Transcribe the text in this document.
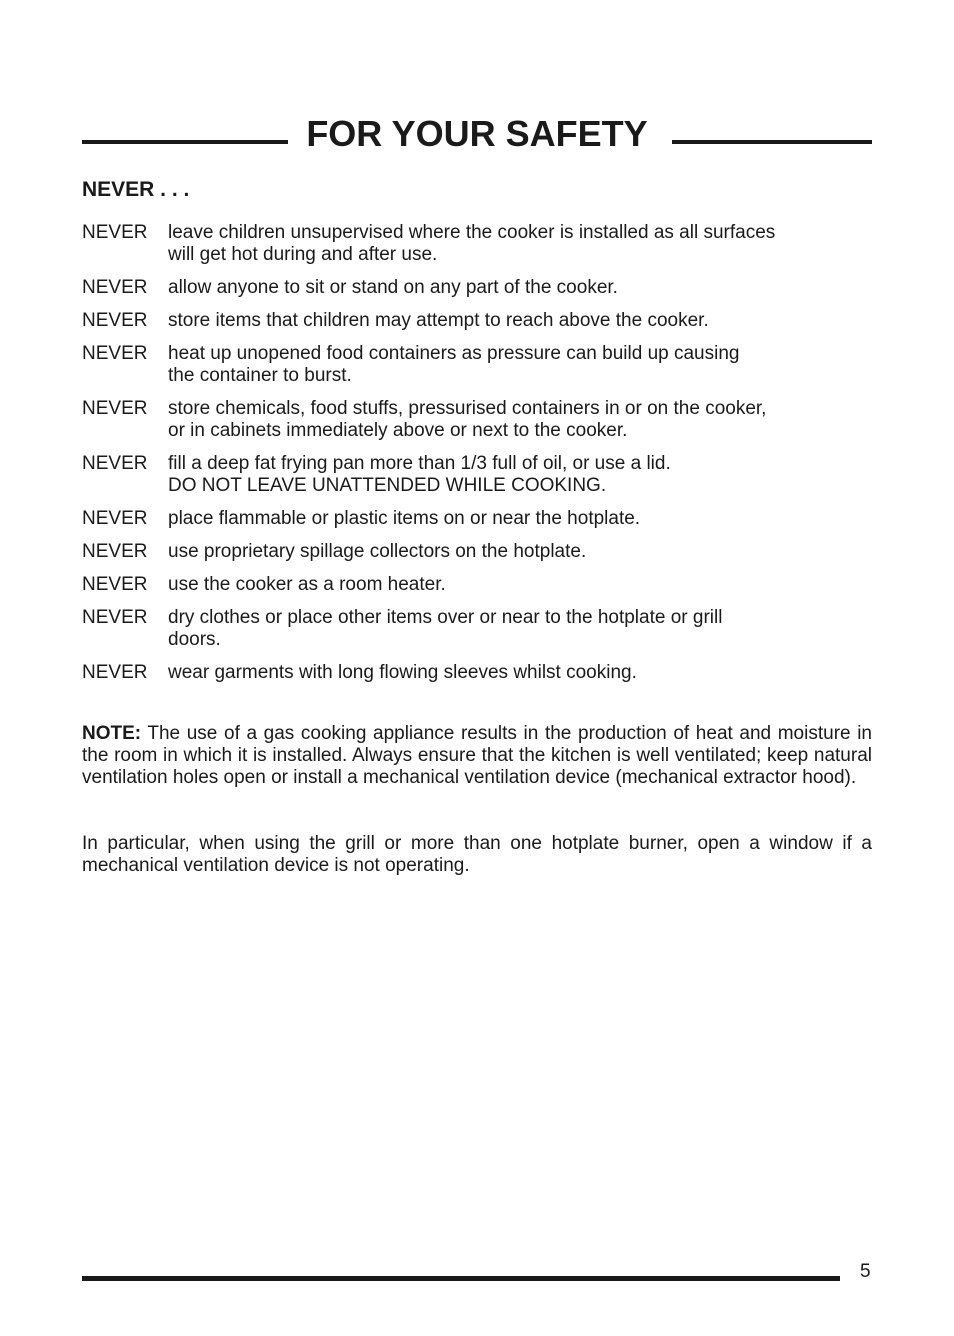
FOR YOUR SAFETY
NEVER . . .
NEVER	leave children unsupervised where the cooker is installed as all surfaces
will get hot during and after use.
NEVER	allow anyone to sit or stand on any part of the cooker.
NEVER	store items that children may attempt to reach above the cooker.
NEVER	heat up unopened food containers as pressure can build up causing
the container to burst.
NEVER	store chemicals, food stuffs, pressurised containers in or on the cooker,
or in cabinets immediately above or next to the cooker.
NEVER	fill a deep fat frying pan more than 1/3 full of oil, or use a lid.
DO NOT LEAVE UNATTENDED WHILE COOKING.
NEVER	place flammable or plastic items on or near the hotplate.
NEVER	use proprietary spillage collectors on the hotplate.
NEVER	use the cooker as a room heater.
NEVER	dry clothes or place other items over or near to the hotplate or grill
doors.
NEVER	wear garments with long flowing sleeves whilst cooking.
NOTE: The use of a gas cooking appliance results in the production of heat and moisture in the room in which it is installed. Always ensure that the kitchen is well ventilated; keep natural ventilation holes open or install a mechanical ventilation device (mechanical extractor hood).
In particular, when using the grill or more than one hotplate burner, open a window if a mechanical ventilation device is not operating.
5
